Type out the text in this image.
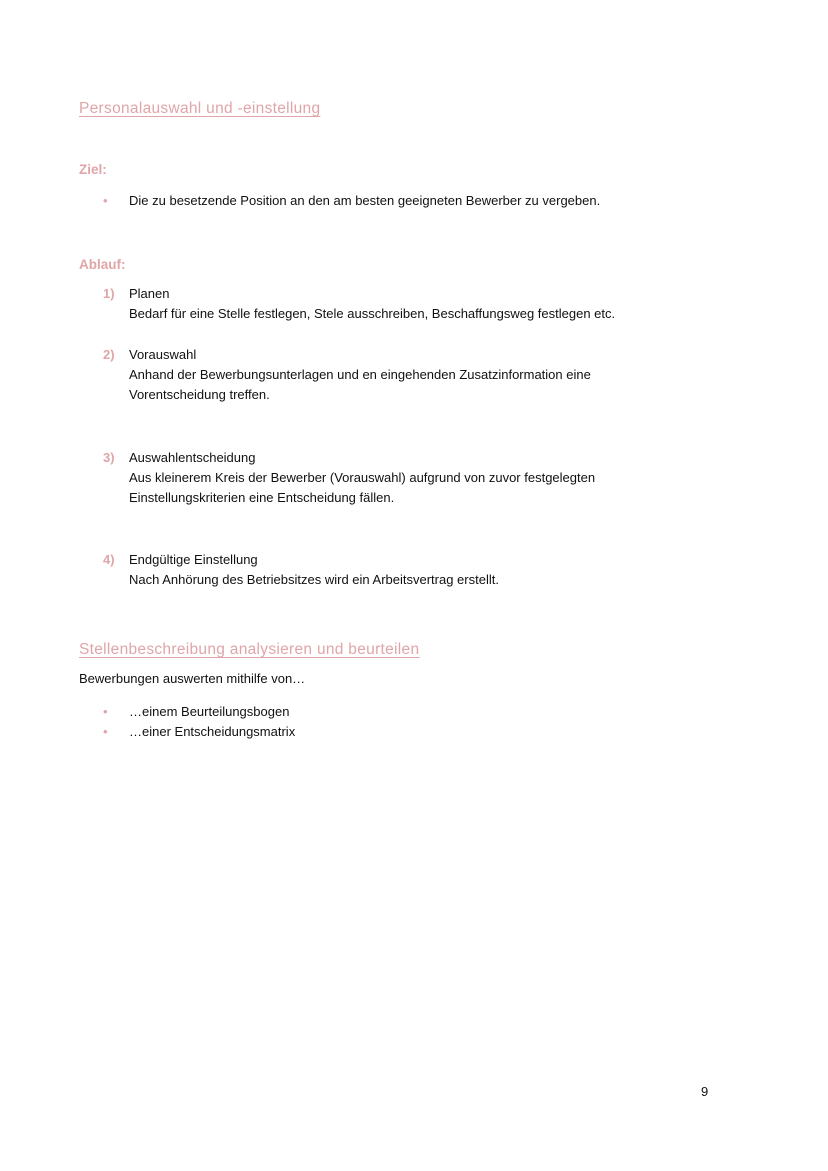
Personalauswahl und -einstellung
Ziel:
• Die zu besetzende Position an den am besten geeigneten Bewerber zu vergeben.
Ablauf:
1) Planen
Bedarf für eine Stelle festlegen, Stele ausschreiben, Beschaffungsweg festlegen etc.
2) Vorauswahl
Anhand der Bewerbungsunterlagen und en eingehenden Zusatzinformation eine
Vorentscheidung treffen.
3) Auswahlentscheidung
Aus kleinerem Kreis der Bewerber (Vorauswahl) aufgrund von zuvor festgelegten
Einstellungskriterien eine Entscheidung fällen.
4) Endgültige Einstellung
Nach Anhörung des Betriebsitzes wird ein Arbeitsvertrag erstellt.
Stellenbeschreibung analysieren und beurteilen
Bewerbungen auswerten mithilfe von…
• …einem Beurteilungsbogen
• …einer Entscheidungsmatrix
9
